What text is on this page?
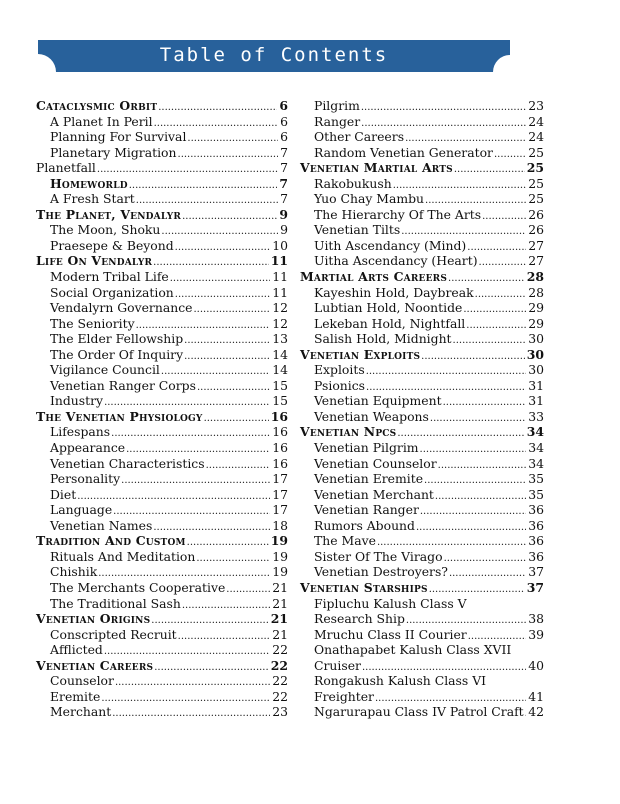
Table of Contents
Cataclysmic Orbit .....	6
A Planet In Peril .....	6
Planning For Survival .....	6
Planetary Migration .....	7
Planetfall .....	7
Homeworld .....	7
A Fresh Start .....	7
The Planet, Vendalyr .....	9
The Moon, Shoku .....	9
Praesepe & Beyond .....	10
Life On Vendalyr .....	11
Modern Tribal Life .....	11
Social Organization .....	11
Vendalyrn Governance .....	12
The Seniority .....	12
The Elder Fellowship .....	13
The Order Of Inquiry .....	14
Vigilance Council .....	14
Venetian Ranger Corps .....	15
Industry .....	15
The Venetian Physiology .....	16
Lifespans .....	16
Appearance .....	16
Venetian Characteristics .....	16
Personality .....	17
Diet .....	17
Language .....	17
Venetian Names .....	18
Tradition And Custom .....	19
Rituals And Meditation .....	19
Chishik .....	19
The Merchants Cooperative .....	21
The Traditional Sash .....	21
Venetian Origins .....	21
Conscripted Recruit .....	21
Afflicted .....	22
Venetian Careers .....	22
Counselor .....	22
Eremite .....	22
Merchant .....	23
Pilgrim .....	23
Ranger .....	24
Other Careers .....	24
Random Venetian Generator .....	25
Venetian Martial Arts .....	25
Rakobukush .....	25
Yuo Chay Mambu .....	25
The Hierarchy Of The Arts .....	26
Venetian Tilts .....	26
Uith Ascendancy (Mind) .....	27
Uitha Ascendancy (Heart) .....	27
Martial Arts Careers .....	28
Kayeshin Hold, Daybreak .....	28
Lubtian Hold, Noontide .....	29
Lekeban Hold, Nightfall .....	29
Salish Hold, Midnight .....	30
Venetian Exploits .....	30
Exploits .....	30
Psionics .....	31
Venetian Equipment .....	31
Venetian Weapons .....	33
Venetian Npcs .....	34
Venetian Pilgrim .....	34
Venetian Counselor .....	34
Venetian Eremite .....	35
Venetian Merchant .....	35
Venetian Ranger .....	36
Rumors Abound .....	36
The Mave .....	36
Sister Of The Virago .....	36
Venetian Destroyers? .....	37
Venetian Starships .....	37
Fipluchu Kalush Class V
Research Ship .....	38
Mruchu Class II Courier .....	39
Onathapabet Kalush Class XVII
Cruiser .....	40
Rongakush Kalush Class VI
Freighter .....	41
Ngarurapau Class IV Patrol Craft ..... 42
